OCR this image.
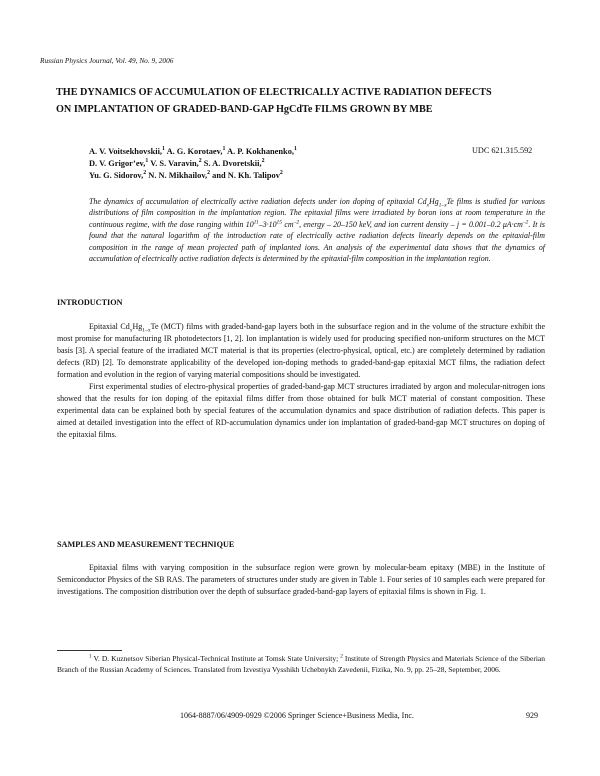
Russian Physics Journal, Vol. 49, No. 9, 2006
THE DYNAMICS OF ACCUMULATION OF ELECTRICALLY ACTIVE RADIATION DEFECTS ON IMPLANTATION OF GRADED-BAND-GAP HgCdTe FILMS GROWN BY MBE
A. V. Voitsekhovskii,$^1$ A. G. Korotaev,$^1$ A. P. Kokhanenko,$^1$
D. V. Grigor’ev,$^1$ V. S. Varavin,$^2$ S. A. Dvoretskii,$^2$
Yu. G. Sidorov,$^2$ N. N. Mikhailov,$^2$ and N. Kh. Talipov$^2$
UDC 621.315.592
The dynamics of accumulation of electrically active radiation defects under ion doping of epitaxial $Cd_xHg_{1-x}Te$ films is studied for various distributions of film composition in the implantation region. The epitaxial films were irradiated by boron ions at room temperature in the continuous regime, with the dose ranging within $10^{11}-3\cdot 10^{15}$ $cm^{-2}$, energy – 20–150 keV, and ion current density – j = 0.001–0.2 $\mu A\cdot cm^{-2}$. It is found that the natural logarithm of the introduction rate of electrically active radiation defects linearly depends on the epitaxial-film composition in the range of mean projected path of implanted ions. An analysis of the experimental data shows that the dynamics of accumulation of electrically active radiation defects is determined by the epitaxial-film composition in the implantation region.
INTRODUCTION

Epitaxial $Cd_xHg_{1-x}Te$ (MCT) films with graded-band-gap layers both in the subsurface region and in the volume of the structure exhibit the most promise for manufacturing IR photodetectors [1, 2]. Ion implantation is widely used for producing specified non-uniform structures on the MCT basis [3]. A special feature of the irradiated MCT material is that its properties (electro-physical, optical, etc.) are completely determined by radiation defects (RD) [2]. To demonstrate applicability of the developed ion-doping methods to graded-band-gap epitaxial MCT films, the radiation defect formation and evolution in the region of varying material compositions should be investigated.

First experimental studies of electro-physical properties of graded-band-gap MCT structures irradiated by argon and molecular-nitrogen ions showed that the results for ion doping of the epitaxial films differ from those obtained for bulk MCT material of constant composition. These experimental data can be explained both by special features of the accumulation dynamics and space distribution of radiation defects. This paper is aimed at detailed investigation into the effect of RD-accumulation dynamics under ion implantation of graded-band-gap MCT structures on doping of the epitaxial films.

SAMPLES AND MEASUREMENT TECHNIQUE

Epitaxial films with varying composition in the subsurface region were grown by molecular-beam epitaxy (MBE) in the Institute of Semiconductor Physics of the SB RAS. The parameters of structures under study are given in Table 1. Four series of 10 samples each were prepared for investigations. The composition distribution over the depth of subsurface graded-band-gap layers of epitaxial films is shown in Fig. 1.

$^1$ V. D. Kuznetsov Siberian Physical-Technical Institute at Tomsk State University; $^2$ Institute of Strength Physics and Materials Science of the Siberian Branch of the Russian Academy of Sciences. Translated from Izvestiya Vysshikh Uchebnykh Zavedenii, Fizika, No. 9, pp. 25–28, September, 2006.
1064-8887/06/4909-0929 ©2006 Springer Science+Business Media, Inc.	929
